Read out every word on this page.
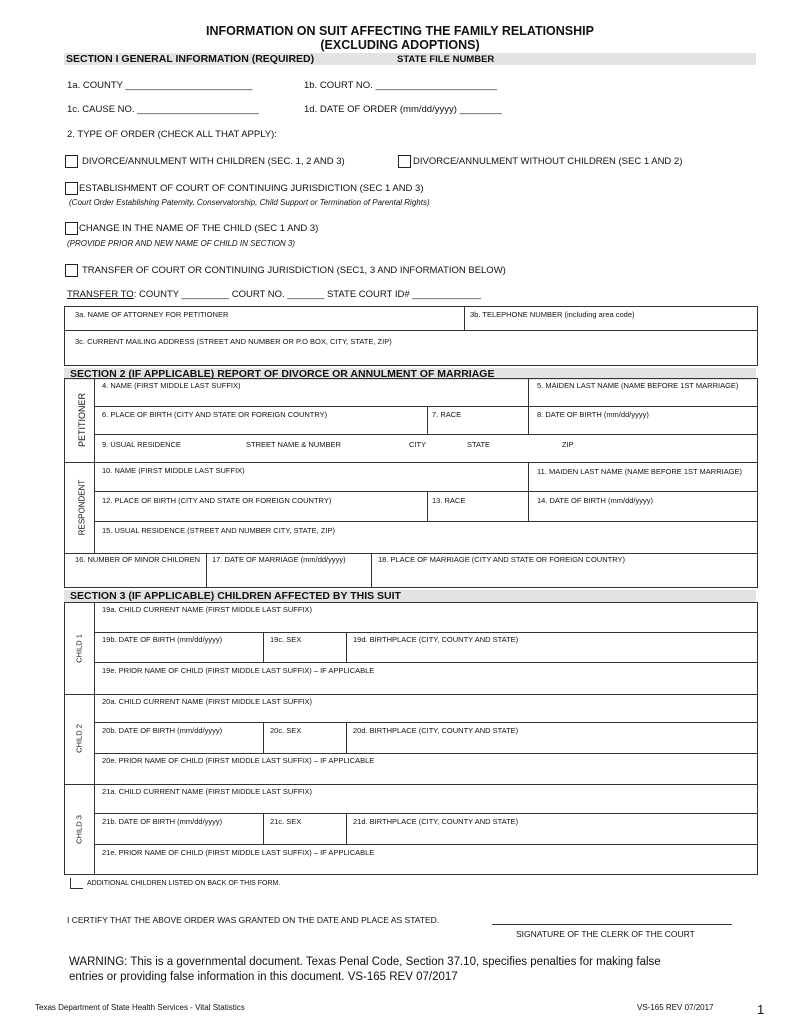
INFORMATION ON SUIT AFFECTING THE FAMILY RELATIONSHIP
(EXCLUDING ADOPTIONS)
SECTION I GENERAL INFORMATION (REQUIRED)	STATE FILE NUMBER
1a. COUNTY ________________________	1b. COURT NO. _______________________
1c. CAUSE NO. _______________________	1d. DATE OF ORDER (mm/dd/yyyy) ________
2. TYPE OF ORDER (CHECK ALL THAT APPLY):
DIVORCE/ANNULMENT WITH CHILDREN (SEC. 1, 2 AND 3)	DIVORCE/ANNULMENT WITHOUT CHILDREN (SEC 1 AND 2)
ESTABLISHMENT OF COURT OF CONTINUING JURISDICTION (SEC 1 AND 3)
(Court Order Establishing Paternity, Conservatorship, Child Support or Termination of Parental Rights)
CHANGE IN THE NAME OF THE CHILD (SEC 1 AND 3)
(PROVIDE PRIOR AND NEW NAME OF CHILD IN SECTION 3)
TRANSFER OF COURT OR CONTINUING JURISDICTION (SEC1, 3 AND INFORMATION BELOW)
TRANSFER TO: COUNTY _________ COURT NO. _______ STATE COURT ID# _____________
3a. NAME OF ATTORNEY FOR PETITIONER	3b. TELEPHONE NUMBER (including area code)
3c. CURRENT MAILING ADDRESS (STREET AND NUMBER OR P.O BOX, CITY, STATE, ZIP)
SECTION 2 (IF APPLICABLE) REPORT OF DIVORCE OR ANNULMENT OF MARRIAGE
PETITIONER
RESPONDENT
4. NAME (FIRST MIDDLE LAST SUFFIX)	5. MAIDEN LAST NAME (NAME BEFORE 1ST MARRIAGE)
6. PLACE OF BIRTH (CITY AND STATE OR FOREIGN COUNTRY)	7. RACE	8. DATE OF BIRTH (mm/dd/yyyy)
9. USUAL RESIDENCE	STREET NAME & NUMBER	CITY	STATE	ZIP
10. NAME (FIRST MIDDLE LAST SUFFIX)	11. MAIDEN LAST NAME (NAME BEFORE 1ST MARRIAGE)
12. PLACE OF BIRTH (CITY AND STATE OR FOREIGN COUNTRY)	13. RACE	14. DATE OF BIRTH (mm/dd/yyyy)
15. USUAL RESIDENCE (STREET AND NUMBER CITY, STATE, ZIP)
16. NUMBER OF MINOR CHILDREN 17. DATE OF MARRIAGE (mm/dd/yyyy)	18. PLACE OF MARRIAGE (CITY AND STATE OR FOREIGN COUNTRY)
SECTION 3 (IF APPLICABLE) CHILDREN AFFECTED BY THIS SUIT
CHILD 1
CHILD 2
CHILD 3
19a. CHILD CURRENT NAME (FIRST MIDDLE LAST SUFFIX)
19b. DATE OF BIRTH (mm/dd/yyyy)	19c. SEX	19d. BIRTHPLACE (CITY, COUNTY AND STATE)
19e. PRIOR NAME OF CHILD (FIRST MIDDLE LAST SUFFIX) – IF APPLICABLE
20a. CHILD CURRENT NAME (FIRST MIDDLE LAST SUFFIX)
20b. DATE OF BIRTH (mm/dd/yyyy)	20c. SEX	20d. BIRTHPLACE (CITY, COUNTY AND STATE)
20e. PRIOR NAME OF CHILD (FIRST MIDDLE LAST SUFFIX) – IF APPLICABLE
21a. CHILD CURRENT NAME (FIRST MIDDLE LAST SUFFIX)
21b. DATE OF BIRTH (mm/dd/yyyy)	21c. SEX	21d. BIRTHPLACE (CITY, COUNTY AND STATE)
21e. PRIOR NAME OF CHILD (FIRST MIDDLE LAST SUFFIX) – IF APPLICABLE
ADDITIONAL CHILDREN LISTED ON BACK OF THIS FORM.
I CERTIFY THAT THE ABOVE ORDER WAS GRANTED ON THE DATE AND PLACE AS STATED.
SIGNATURE OF THE CLERK OF THE COURT
WARNING: This is a governmental document. Texas Penal Code, Section 37.10, specifies penalties for making false
entries or providing false information in this document. VS-165 REV 07/2017
Texas Department of State Health Services - Vital Statistics	VS-165 REV 07/2017	1
